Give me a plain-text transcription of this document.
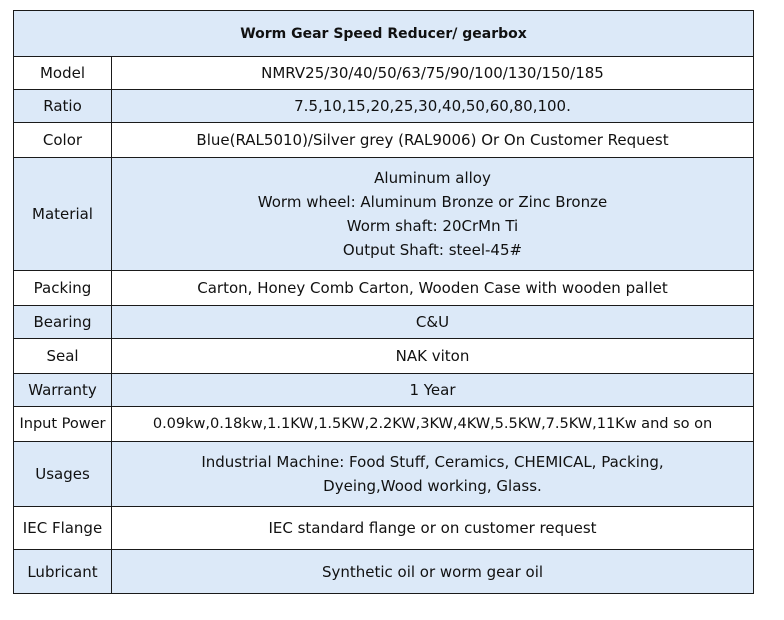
Worm Gear Speed Reducer/ gearbox	
Model	NMRV25/30/40/50/63/75/90/100/130/150/185
Ratio	7.5,10,15,20,25,30,40,50,60,80,100.
Color	Blue(RAL5010)/Silver grey (RAL9006) Or On Customer Request
Material	Aluminum alloy
Worm wheel: Aluminum Bronze or Zinc Bronze
Worm shaft: 20CrMn Ti
Output Shaft: steel-45#

Packing	Carton, Honey Comb Carton, Wooden Case with wooden pallet
Bearing	C&U
Seal	NAK viton
Warranty	1 Year
Input Power	0.09kw,0.18kw,1.1KW,1.5KW,2.2KW,3KW,4KW,5.5KW,7.5KW,11Kw and so on
Usages	Industrial Machine: Food Stuff, Ceramics, CHEMICAL, Packing,
Dyeing,Wood working, Glass.

IEC Flange	IEC standard flange or on customer request
Lubricant	Synthetic oil or worm gear oil
